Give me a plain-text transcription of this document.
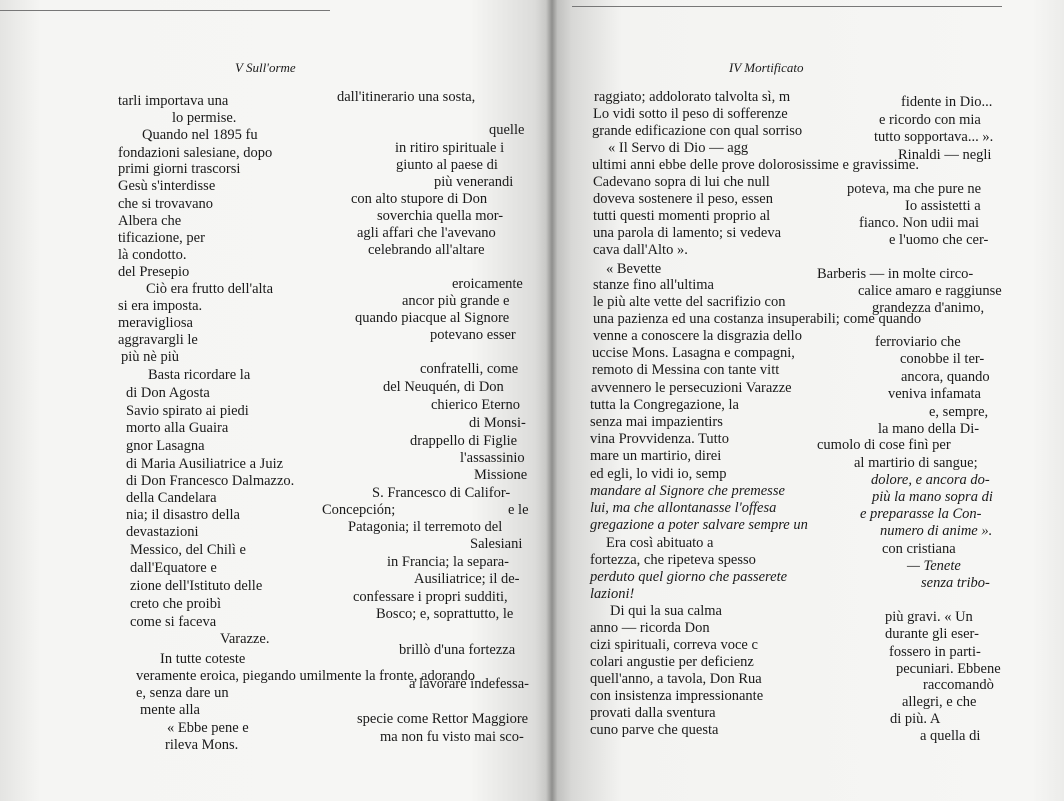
V Sull'orme
tarli importava una	dall'itinerario una sosta,
lo permise.
Quando nel 1895 fu	quelle
fondazioni salesiane, dopo	in ritiro spirituale i
primi giorni trascorsi	giunto al paese di
Gesù s'interdisse	più venerandi
che si trovavano	con alto stupore di Don
Albera che	soverchia quella mor-
tificazione, per	agli affari che l'avevano
là condotto.	celebrando all'altare
del Presepio
Ciò era frutto dell'alta	eroicamente
si era imposta.	ancor più grande e
meravigliosa	quando piacque al Signore
aggravargli le	potevano esser
più nè più
Basta ricordare la	confratelli, come
di Don Agosta	del Neuquén, di Don
Savio spirato ai piedi	chierico Eterno
morto alla Guaira	di Monsi-
gnor Lasagna	drappello di Figlie
di Maria Ausiliatrice a Juiz	l'assassinio
di Don Francesco Dalmazzo.	Missione
della Candelara	S. Francesco di Califor-
nia; il disastro della	Concepción;	e le
devastazioni	Patagonia; il terremoto del
Messico, del Chilì e	Salesiani
dall'Equatore e	in Francia; la separa-
zione dell'Istituto delle	Ausiliatrice; il de-
creto che proibì	confessare i propri sudditi,
come si faceva	Bosco; e, soprattutto, le
Varazze.
In tutte coteste
brillò d'una fortezza
veramente eroica, piegando umilmente la fronte, adorando
e, senza dare un
a lavorare indefessa-
mente alla
« Ebbe pene e
specie come Rettor Maggiore
rileva Mons.	ma non fu visto mai sco-
IV Mortificato
raggiato; addolorato talvolta sì, m	fidente in Dio...
Lo vidi sotto il peso di sofferenze	e ricordo con mia
grande edificazione con qual sorriso	tutto sopportava... ».
« Il Servo di Dio — agg	Rinaldi — negli
ultimi anni ebbe delle prove dolorosissime e gravissime.
Cadevano sopra di lui che null	poteva, ma che pure ne
doveva sostenere il peso, essen	Io assistetti a
tutti questi momenti proprio al	fianco. Non udii mai
una parola di lamento; si vedeva	e l'uomo che cer-
cava dall'Alto ».
« Bevette	Barberis — in molte circo-
stanze fino all'ultima	calice amaro e raggiunse
le più alte vette del sacrifizio con	grandezza d'animo,
una pazienza ed una costanza insuperabili; come quando
venne a conoscere la disgrazia dello	ferroviario che
uccise Mons. Lasagna e compagni,	conobbe il ter-
remoto di Messina con tante vitt	ancora, quando
avvennero le persecuzioni Varazze	veniva infamata
tutta la Congregazione, la	e, sempre,
senza mai impazientirs	la mano della Di-
vina Provvidenza. Tutto	cumolo di cose finì per
mare un martirio, direi	al martirio di sangue;
ed egli, lo vidi io, semp	dolore, e ancora do-
mandare al Signore che premesse	più la mano sopra di
lui, ma che allontanasse l'offesa	e preparasse la Con-
gregazione a poter salvare sempre un	numero di anime ».
Era così abituato a	con cristiana
fortezza, che ripeteva spesso	— Tenete
perduto quel giorno che passerete	senza tribo-
lazioni!
Di qui la sua calma	più gravi. « Un
anno — ricorda Don	durante gli eser-
cizi spirituali, correva voce c	fossero in parti-
colari angustie per deficienz	pecuniari. Ebbene
quell'anno, a tavola, Don Rua	raccomandò
con insistenza impressionante	allegri, e che
provati dalla sventura	di più. A
cuno parve che questa	a quella di
